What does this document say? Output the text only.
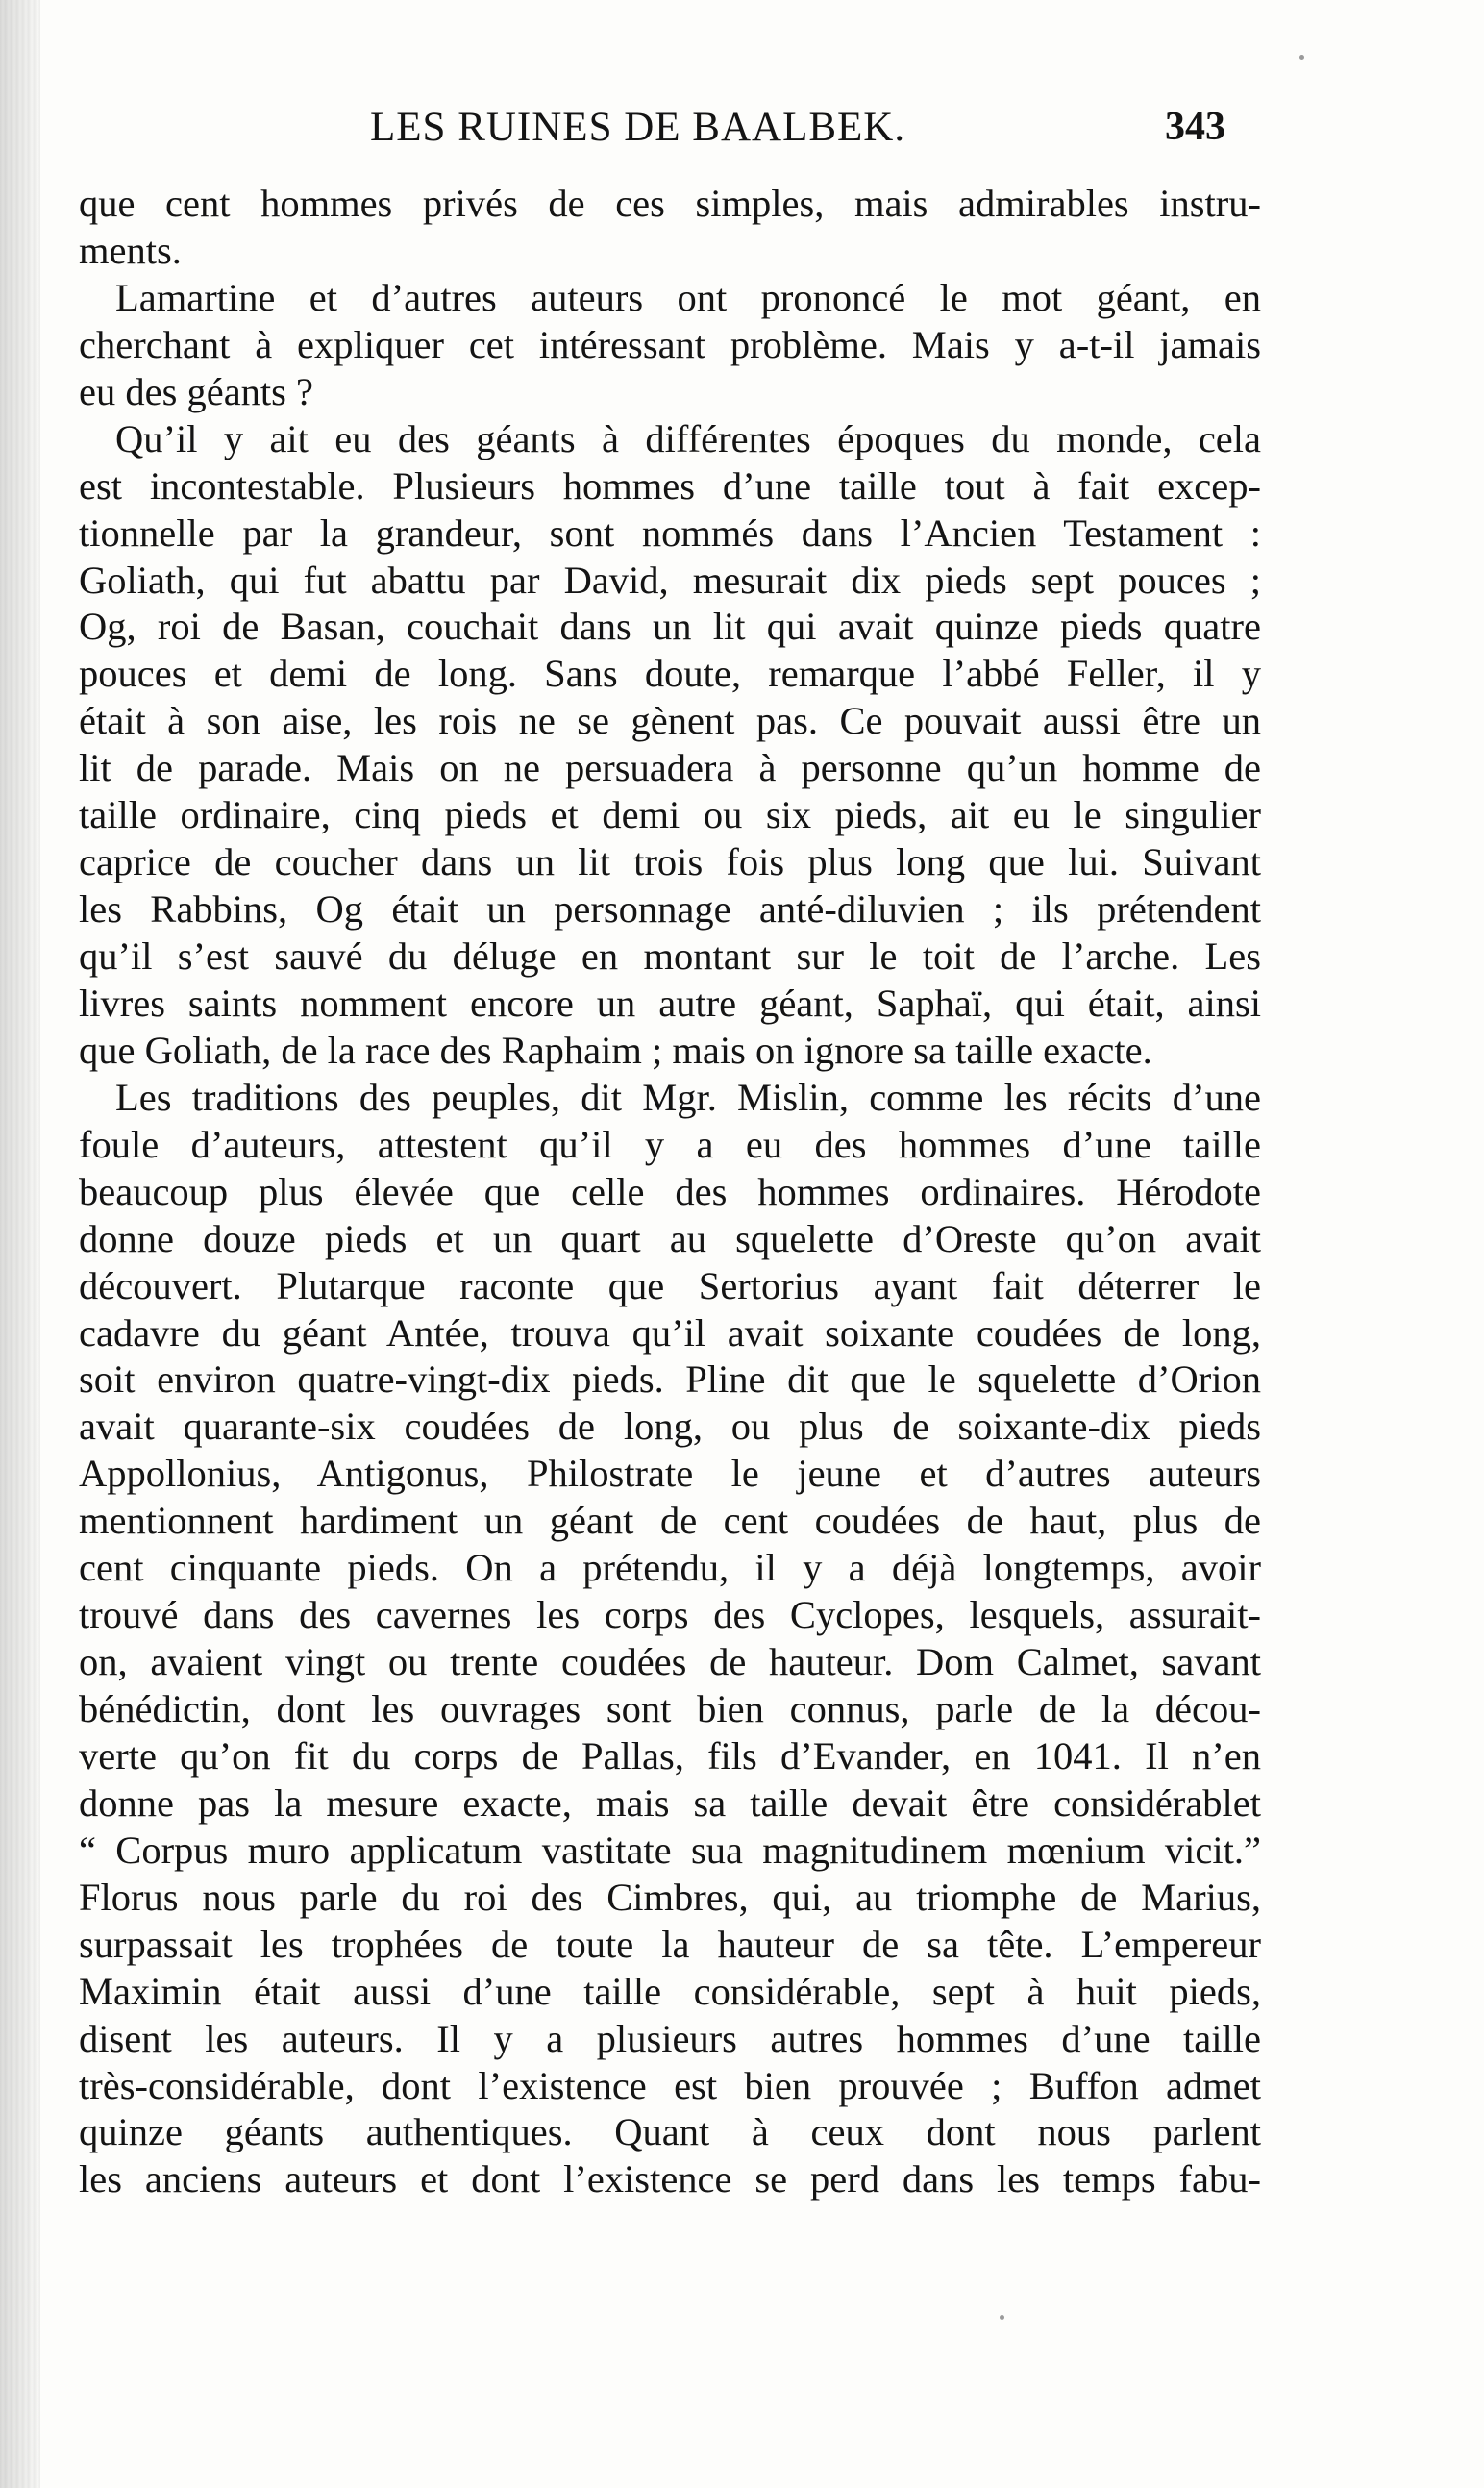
LES RUINES DE BAALBEK.	343
que cent hommes privés de ces simples, mais admirables instru-
ments.
Lamartine et d’autres auteurs ont prononcé le mot géant, en
cherchant à expliquer cet intéressant problème. Mais y a-t-il jamais
eu des géants ?
Qu’il y ait eu des géants à différentes époques du monde, cela
est incontestable. Plusieurs hommes d’une taille tout à fait excep-
tionnelle par la grandeur, sont nommés dans l’Ancien Testament :
Goliath, qui fut abattu par David, mesurait dix pieds sept pouces ;
Og, roi de Basan, couchait dans un lit qui avait quinze pieds quatre
pouces et demi de long. Sans doute, remarque l’abbé Feller, il y
était à son aise, les rois ne se gènent pas. Ce pouvait aussi être un
lit de parade. Mais on ne persuadera à personne qu’un homme de
taille ordinaire, cinq pieds et demi ou six pieds, ait eu le singulier
caprice de coucher dans un lit trois fois plus long que lui. Suivant
les Rabbins, Og était un personnage anté-diluvien ; ils prétendent
qu’il s’est sauvé du déluge en montant sur le toit de l’arche. Les
livres saints nomment encore un autre géant, Saphaï, qui était, ainsi
que Goliath, de la race des Raphaim ; mais on ignore sa taille exacte.
Les traditions des peuples, dit Mgr. Mislin, comme les récits d’une
foule d’auteurs, attestent qu’il y a eu des hommes d’une taille
beaucoup plus élevée que celle des hommes ordinaires. Hérodote
donne douze pieds et un quart au squelette d’Oreste qu’on avait
découvert. Plutarque raconte que Sertorius ayant fait déterrer le
cadavre du géant Antée, trouva qu’il avait soixante coudées de long,
soit environ quatre-vingt-dix pieds. Pline dit que le squelette d’Orion
avait quarante-six coudées de long, ou plus de soixante-dix pieds
Appollonius, Antigonus, Philostrate le jeune et d’autres auteurs
mentionnent hardiment un géant de cent coudées de haut, plus de
cent cinquante pieds. On a prétendu, il y a déjà longtemps, avoir
trouvé dans des cavernes les corps des Cyclopes, lesquels, assurait-
on, avaient vingt ou trente coudées de hauteur. Dom Calmet, savant
bénédictin, dont les ouvrages sont bien connus, parle de la décou-
verte qu’on fit du corps de Pallas, fils d’Evander, en 1041. Il n’en
donne pas la mesure exacte, mais sa taille devait être considérablet
“ Corpus muro applicatum vastitate sua magnitudinem mœnium vicit.”
Florus nous parle du roi des Cimbres, qui, au triomphe de Marius,
surpassait les trophées de toute la hauteur de sa tête. L’empereur
Maximin était aussi d’une taille considérable, sept à huit pieds,
disent les auteurs. Il y a plusieurs autres hommes d’une taille
très-considérable, dont l’existence est bien prouvée ; Buffon admet
quinze géants authentiques. Quant à ceux dont nous parlent
les anciens auteurs et dont l’existence se perd dans les temps fabu-
